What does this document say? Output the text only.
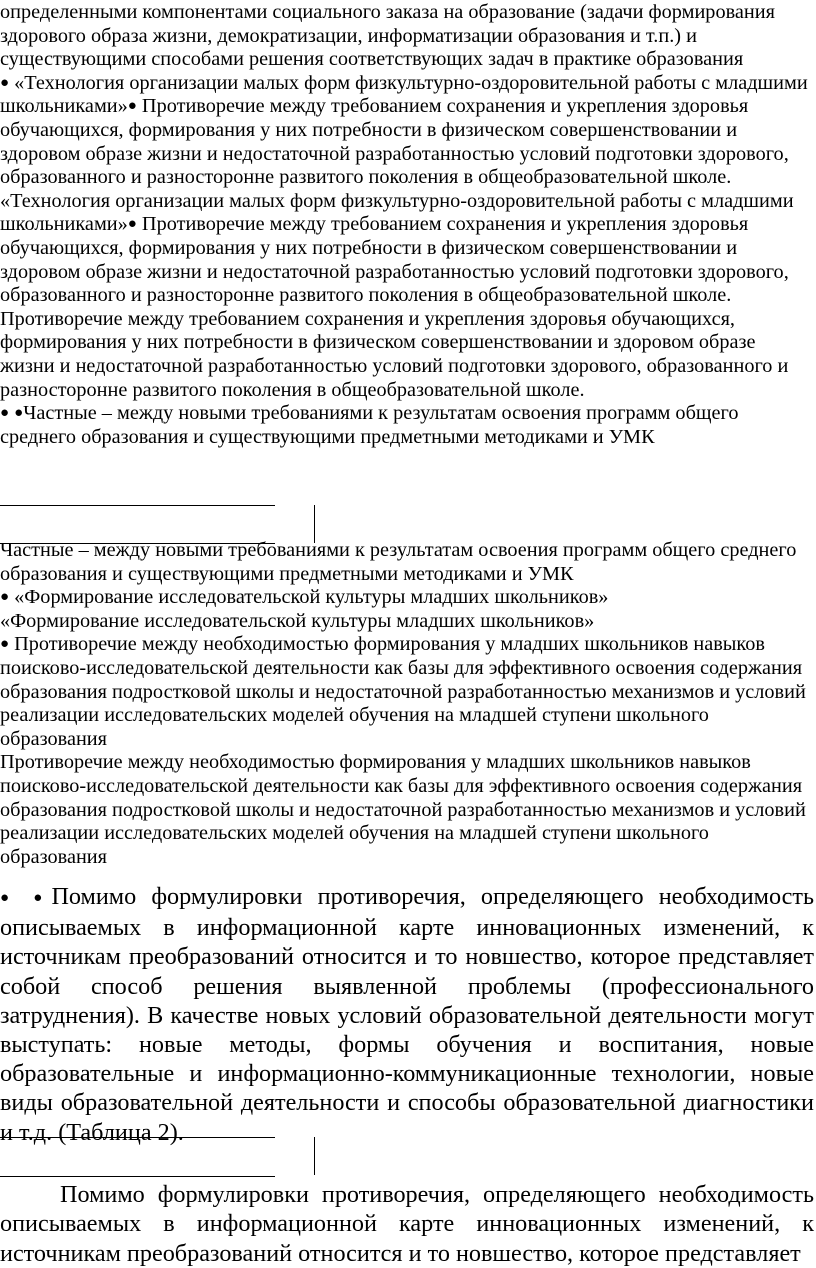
определенными компонентами социального заказа на образование (задачи формирования здорового образа жизни, демократизации, информатизации образования и т.п.) и существующими способами решения соответствующих задач в практике образования

● «Технология организации малых форм физкультурно-оздоровительной работы с младшими школьниками»● Противоречие между требованием сохранения и укрепления здоровья обучающихся, формирования у них потребности в физическом совершенствовании и здоровом образе жизни и недостаточной разработанностью условий подготовки здорового, образованного и разносторонне развитого поколения в общеобразовательной школе.

«Технология организации малых форм физкультурно-оздоровительной работы с младшими школьниками»● Противоречие между требованием сохранения и укрепления здоровья обучающихся, формирования у них потребности в физическом совершенствовании и здоровом образе жизни и недостаточной разработанностью условий подготовки здорового, образованного и разносторонне развитого поколения в общеобразовательной школе.

Противоречие между требованием сохранения и укрепления здоровья обучающихся, формирования у них потребности в физическом совершенствовании и здоровом образе жизни и недостаточной разработанностью условий подготовки здорового, образованного и разносторонне развитого поколения в общеобразовательной школе.

● ●Частные – между новыми требованиями к результатам освоения программ общего среднего образования и существующими предметными методиками и УМК

Частные – между новыми требованиями к результатам освоения программ общего среднего образования и существующими предметными методиками и УМК

● «Формирование исследовательской культуры младших школьников»

«Формирование исследовательской культуры младших школьников»

● Противоречие между необходимостью формирования у младших школьников навыков поисково-исследовательской деятельности как базы для эффективного освоения содержания образования подростковой школы и недостаточной разработанностью механизмов и условий реализации исследовательских моделей обучения на младшей ступени школьного образования

Противоречие между необходимостью формирования у младших школьников навыков поисково-исследовательской деятельности как базы для эффективного освоения содержания образования подростковой школы и недостаточной разработанностью механизмов и условий реализации исследовательских моделей обучения на младшей ступени школьного образования

● ●Помимо формулировки противоречия, определяющего необходимость описываемых в информационной карте инновационных изменений, к источникам преобразований относится и то новшество, которое представляет собой способ решения выявленной проблемы (профессионального затруднения). В качестве новых условий образовательной деятельности могут выступать: новые методы, формы обучения и воспитания, новые образовательные и информационно-коммуникационные технологии, новые виды образовательной деятельности и способы образовательной диагностики и т.д. (Таблица 2).

Помимо формулировки противоречия, определяющего необходимость описываемых в информационной карте инновационных изменений, к источникам преобразований относится и то новшество, которое представляет
